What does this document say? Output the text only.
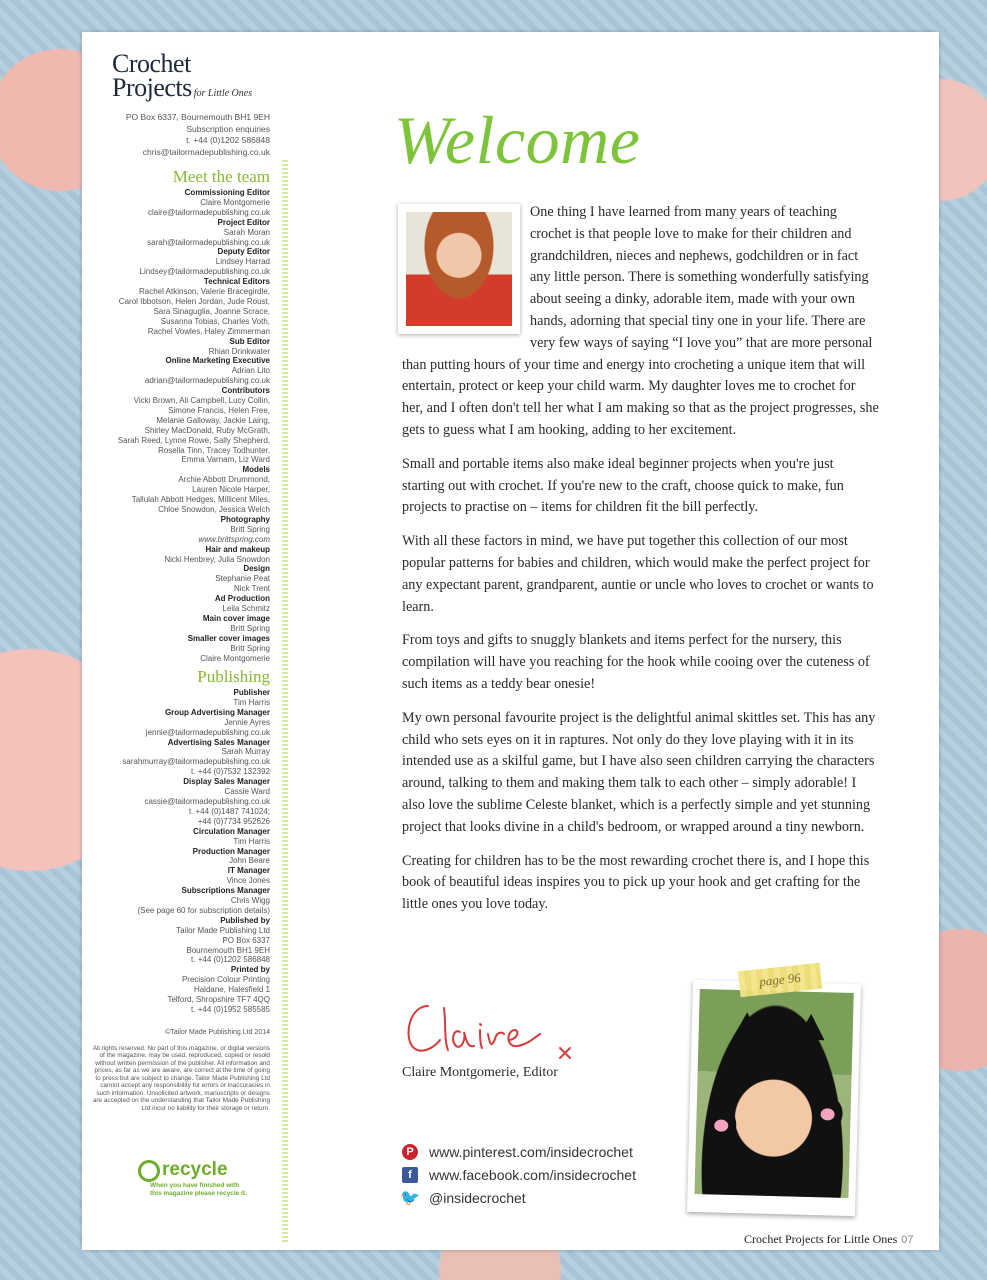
Crochet
Projects for Little Ones
PO Box 6337, Bournemouth BH1 9EH
Subscription enquiries
t. +44 (0)1202 586848
chris@tailormadepublishing.co.uk
Meet the team
Commissioning Editor
Claire Montgomerie
claire@tailormadepublishing.co.uk
Project Editor
Sarah Moran
sarah@tailormadepublishing.co.uk
Deputy Editor
Lindsey Harrad
Lindsey@tailormadepublishing.co.uk
Technical Editors
Rachel Atkinson, Valerie Bracegirdle,
Carol Ibbotson, Helen Jordan, Jude Roust,
Sara Sinaguglia, Joanne Scrace,
Susanna Tobias, Charles Voth,
Rachel Vowles, Haley Zimmerman
Sub Editor
Rhian Drinkwater
Online Marketing Executive
Adrian Lito
adrian@tailormadepublishing.co.uk
Contributors
Vicki Brown, Ali Campbell, Lucy Collin,
Simone Francis, Helen Free,
Melanie Galloway, Jackie Laing,
Shirley MacDonald, Ruby McGrath,
Sarah Reed, Lynne Rowe, Sally Shepherd,
Rosella Tinn, Tracey Todhunter,
Emma Varnam, Liz Ward
Models
Archie Abbott Drummond,
Lauren Nicole Harper,
Tallulah Abbott Hedges, Millicent Miles,
Chloe Snowdon, Jessica Welch
Photography
Britt Spring
www.brittspring.com
Hair and makeup
Nicki Henbrey, Julia Snowdon
Design
Stephanie Peat
Nick Trent
Ad Production
Leila Schmitz
Main cover image
Britt Spring
Smaller cover images
Britt Spring
Claire Montgomerie
Publishing
Publisher
Tim Harris
Group Advertising Manager
Jennie Ayres
jennie@tailormadepublishing.co.uk
Advertising Sales Manager
Sarah Murray
sarahmurray@tailormadepublishing.co.uk
t. +44 (0)7532 132392
Display Sales Manager
Cassie Ward
cassie@tailormadepublishing.co.uk
t. +44 (0)1487 741024;
+44 (0)7734 952626
Circulation Manager
Tim Harris
Production Manager
John Beare
IT Manager
Vince Jones
Subscriptions Manager
Chris Wigg
(See page 60 for subscription details)
Published by
Tailor Made Publishing Ltd
PO Box 6337
Bournemouth BH1 9EH
t. +44 (0)1202 586848
Printed by
Precision Colour Printing
Haldane, Halesfield 1
Telford, Shropshire TF7 4QQ
t. +44 (0)1952 585585
©Tailor Made Publishing Ltd 2014
All rights reserved. No part of this magazine, or digital versions of the magazine, may be used, reproduced, copied or resold without written permission of the publisher. All information and prices, as far as we are aware, are correct at the time of going to press but are subject to change. Tailor Made Publishing Ltd cannot accept any responsibility for errors or inaccuracies in such information. Unsolicited artwork, manuscripts or designs are accepted on the understanding that Tailor Made Publishing Ltd incur no liability for their storage or return.
recycle
When you have finished with
this magazine please recycle it.
Welcome

One thing I have learned from many years of teaching crochet is that people love to make for their children and grandchildren, nieces and nephews, godchildren or in fact any little person. There is something wonderfully satisfying about seeing a dinky, adorable item, made with your own hands, adorning that special tiny one in your life. There are very few ways of saying “I love you” that are more personal than putting hours of your time and energy into crocheting a unique item that will entertain, protect or keep your child warm. My daughter loves me to crochet for her, and I often don't tell her what I am making so that as the project progresses, she gets to guess what I am hooking, adding to her excitement.

Small and portable items also make ideal beginner projects when you're just starting out with crochet. If you're new to the craft, choose quick to make, fun projects to practise on – items for children fit the bill perfectly.

With all these factors in mind, we have put together this collection of our most popular patterns for babies and children, which would make the perfect project for any expectant parent, grandparent, auntie or uncle who loves to crochet or wants to learn.

From toys and gifts to snuggly blankets and items perfect for the nursery, this compilation will have you reaching for the hook while cooing over the cuteness of such items as a teddy bear onesie!

My own personal favourite project is the delightful animal skittles set. This has any child who sets eyes on it in raptures. Not only do they love playing with it in its intended use as a skilful game, but I have also seen children carrying the characters around, talking to them and making them talk to each other – simply adorable! I also love the sublime Celeste blanket, which is a perfectly simple and yet stunning project that looks divine in a child's bedroom, or wrapped around a tiny newborn.

Creating for children has to be the most rewarding crochet there is, and I hope this book of beautiful ideas inspires you to pick up your hook and get crafting for the little ones you love today.

Claire Montgomerie, Editor
P	www.pinterest.com/insidecrochet
f	www.facebook.com/insidecrochet
🐦 @insidecrochet
page 96
Crochet Projects for Little Ones 07
